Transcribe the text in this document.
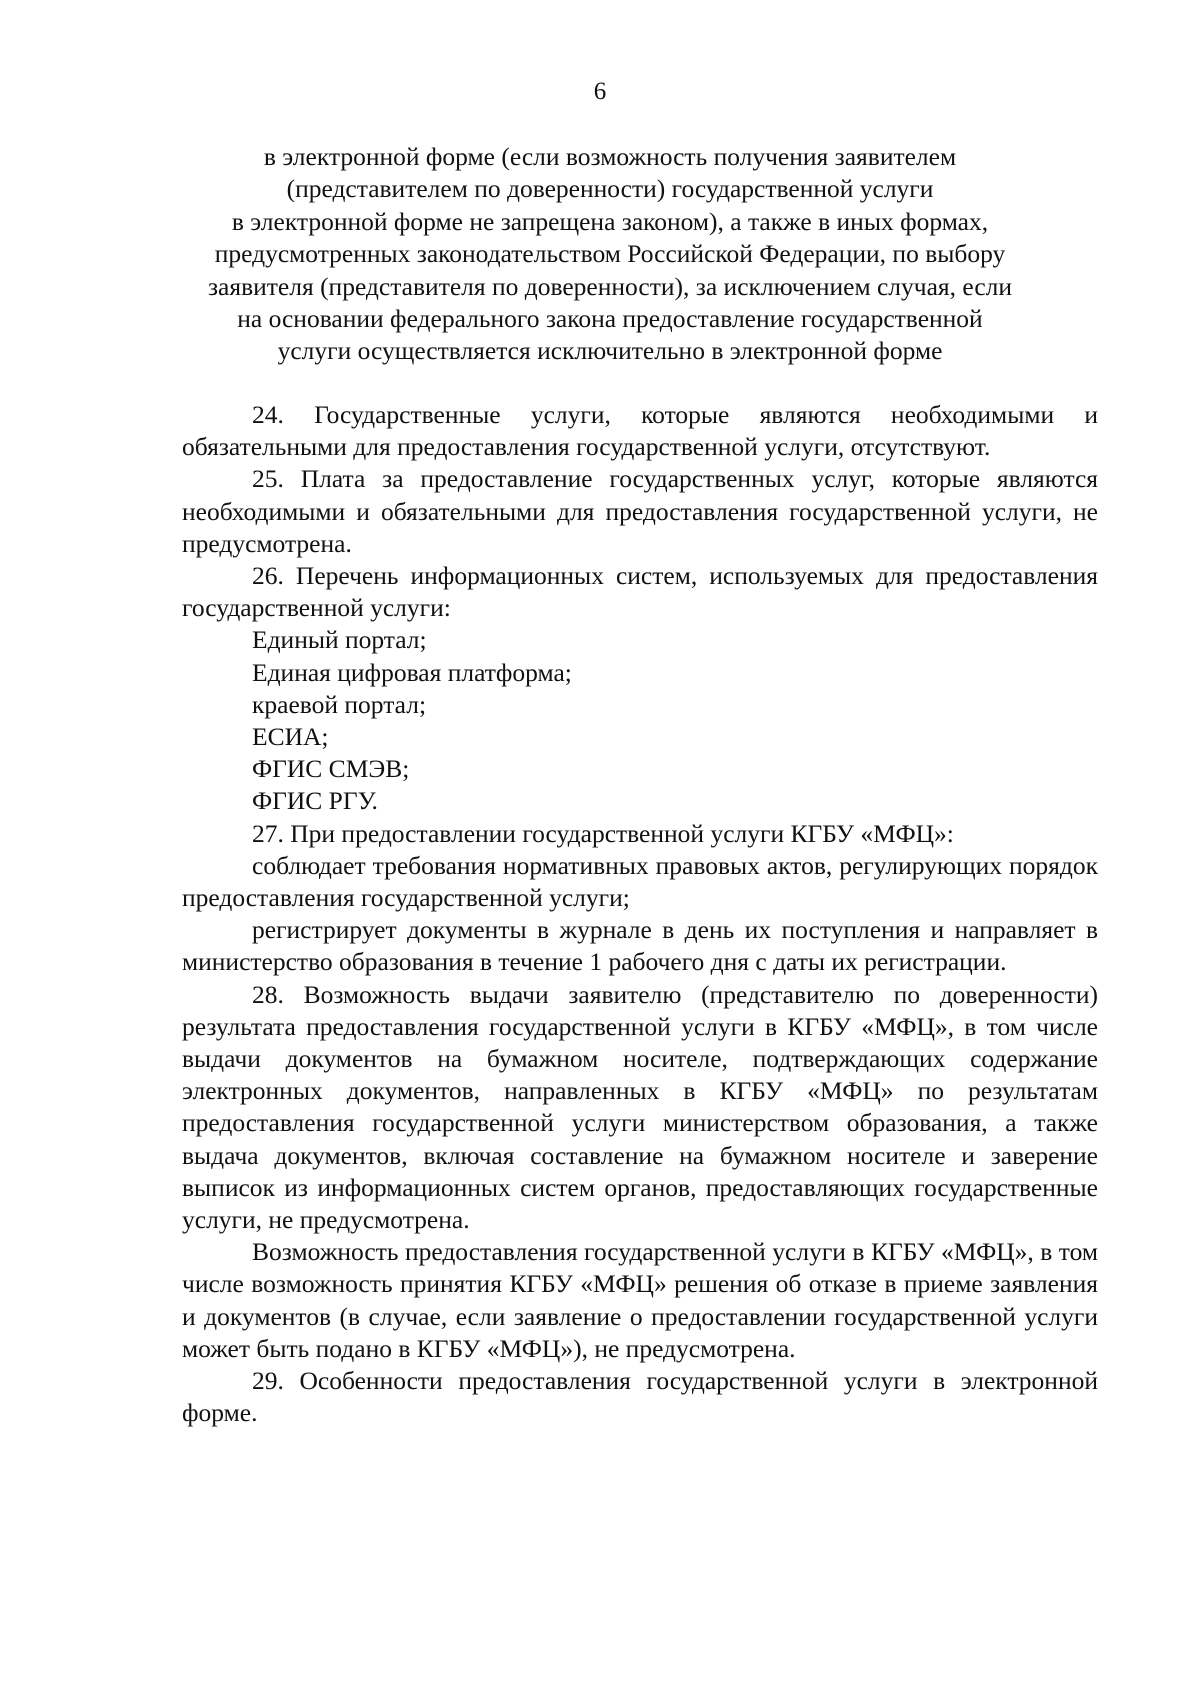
6
в электронной форме (если возможность получения заявителем
(представителем по доверенности) государственной услуги
в электронной форме не запрещена законом), а также в иных формах,
предусмотренных законодательством Российской Федерации, по выбору
заявителя (представителя по доверенности), за исключением случая, если
на основании федерального закона предоставление государственной
услуги осуществляется исключительно в электронной форме

24. Государственные услуги, которые являются необходимыми и обязательными для предоставления государственной услуги, отсутствуют.

25. Плата за предоставление государственных услуг, которые являются необходимыми и обязательными для предоставления государственной услуги, не предусмотрена.

26. Перечень информационных систем, используемых для предоставления государственной услуги:

Единый портал;

Единая цифровая платформа;

краевой портал;

ЕСИА;

ФГИС СМЭВ;

ФГИС РГУ.

27. При предоставлении государственной услуги КГБУ «МФЦ»:

соблюдает требования нормативных правовых актов, регулирующих порядок предоставления государственной услуги;

регистрирует документы в журнале в день их поступления и направляет в министерство образования в течение 1 рабочего дня с даты их регистрации.

28. Возможность выдачи заявителю (представителю по доверенности) результата предоставления государственной услуги в КГБУ «МФЦ», в том числе выдачи документов на бумажном носителе, подтверждающих содержание электронных документов, направленных в КГБУ «МФЦ» по результатам предоставления государственной услуги министерством образования, а также выдача документов, включая составление на бумажном носителе и заверение выписок из информационных систем органов, предоставляющих государственные услуги, не предусмотрена.

Возможность предоставления государственной услуги в КГБУ «МФЦ», в том числе возможность принятия КГБУ «МФЦ» решения об отказе в приеме заявления и документов (в случае, если заявление о предоставлении государственной услуги может быть подано в КГБУ «МФЦ»), не предусмотрена.

29. Особенности предоставления государственной услуги в электронной форме.
